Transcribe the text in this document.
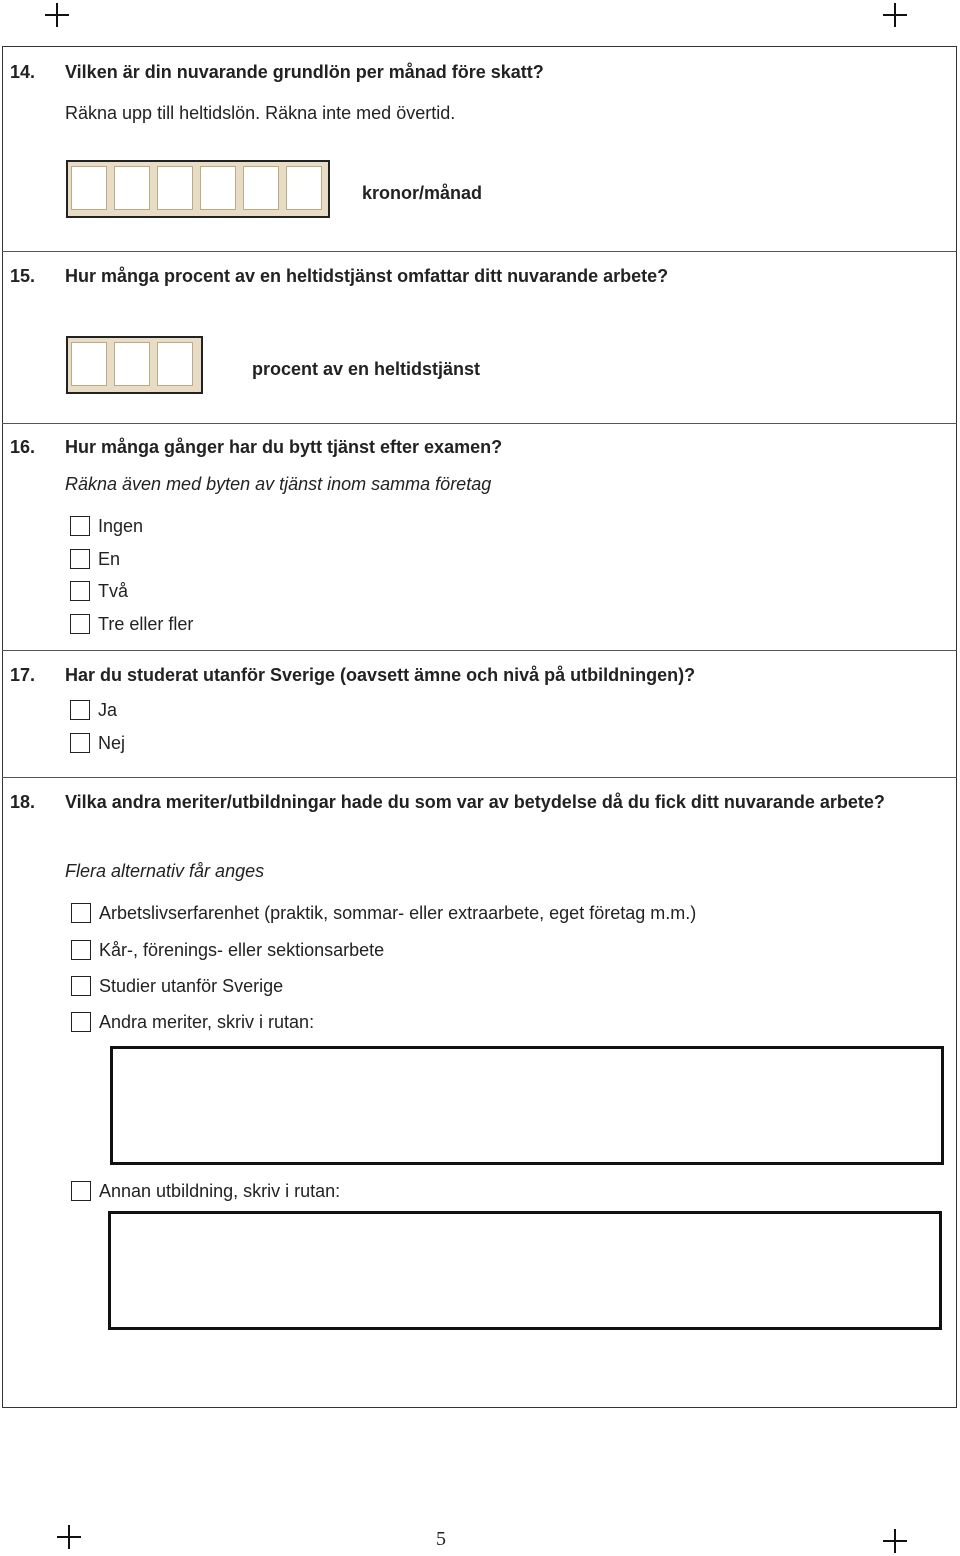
14. Vilken är din nuvarande grundlön per månad före skatt?
Räkna upp till heltidslön. Räkna inte med övertid.
kronor/månad
15. Hur många procent av en heltidstjänst omfattar ditt nuvarande arbete?
procent av en heltidstjänst
16. Hur många gånger har du bytt tjänst efter examen?
Räkna även med byten av tjänst inom samma företag
Ingen
En
Två
Tre eller fler
17. Har du studerat utanför Sverige (oavsett ämne och nivå på utbildningen)?
Ja
Nej
18. Vilka andra meriter/utbildningar hade du som var av betydelse då du fick ditt nuvarande arbete?
Flera alternativ får anges
Arbetslivserfarenhet (praktik, sommar- eller extraarbete, eget företag m.m.)
Kår-, förenings- eller sektionsarbete
Studier utanför Sverige
Andra meriter, skriv i rutan:
Annan utbildning, skriv i rutan:
5
